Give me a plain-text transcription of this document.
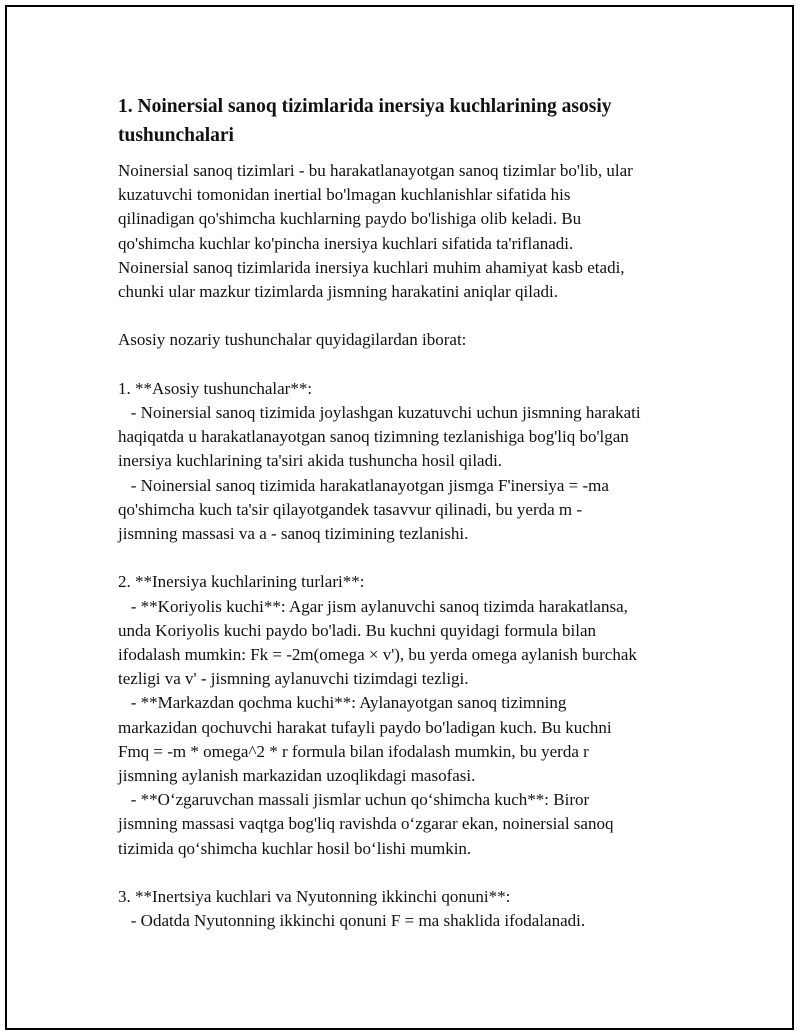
1. Noinersial sanoq tizimlarida inersiya kuchlarining asosiy tushunchalari
Noinersial sanoq tizimlari - bu harakatlanayotgan sanoq tizimlar bo'lib, ular
kuzatuvchi tomonidan inertial bo'lmagan kuchlanishlar sifatida his
qilinadigan qo'shimcha kuchlarning paydo bo'lishiga olib keladi. Bu
qo'shimcha kuchlar ko'pincha inersiya kuchlari sifatida ta'riflanadi.
Noinersial sanoq tizimlarida inersiya kuchlari muhim ahamiyat kasb etadi,
chunki ular mazkur tizimlarda jismning harakatini aniqlar qiladi.
Asosiy nozariy tushunchalar quyidagilardan iborat:
1. **Asosiy tushunchalar**:
- Noinersial sanoq tizimida joylashgan kuzatuvchi uchun jismning harakati
haqiqatda u harakatlanayotgan sanoq tizimning tezlanishiga bog'liq bo'lgan
inersiya kuchlarining ta'siri akida tushuncha hosil qiladi.
- Noinersial sanoq tizimida harakatlanayotgan jismga F'inersiya = -ma
qo'shimcha kuch ta'sir qilayotgandek tasavvur qilinadi, bu yerda m -
jismning massasi va a - sanoq tizimining tezlanishi.
2. **Inersiya kuchlarining turlari**:
- **Koriyolis kuchi**: Agar jism aylanuvchi sanoq tizimda harakatlansa,
unda Koriyolis kuchi paydo bo'ladi. Bu kuchni quyidagi formula bilan
ifodalash mumkin: Fk = -2m(omega × v'), bu yerda omega aylanish burchak
tezligi va v' - jismning aylanuvchi tizimdagi tezligi.
- **Markazdan qochma kuchi**: Aylanayotgan sanoq tizimning
markazidan qochuvchi harakat tufayli paydo bo'ladigan kuch. Bu kuchni
Fmq = -m * omega^2 * r formula bilan ifodalash mumkin, bu yerda r
jismning aylanish markazidan uzoqlikdagi masofasi.
- **O‘zgaruvchan massali jismlar uchun qo‘shimcha kuch**: Biror
jismning massasi vaqtga bog'liq ravishda o‘zgarar ekan, noinersial sanoq
tizimida qo‘shimcha kuchlar hosil bo‘lishi mumkin.
3. **Inertsiya kuchlari va Nyutonning ikkinchi qonuni**:
- Odatda Nyutonning ikkinchi qonuni F = ma shaklida ifodalanadi.
